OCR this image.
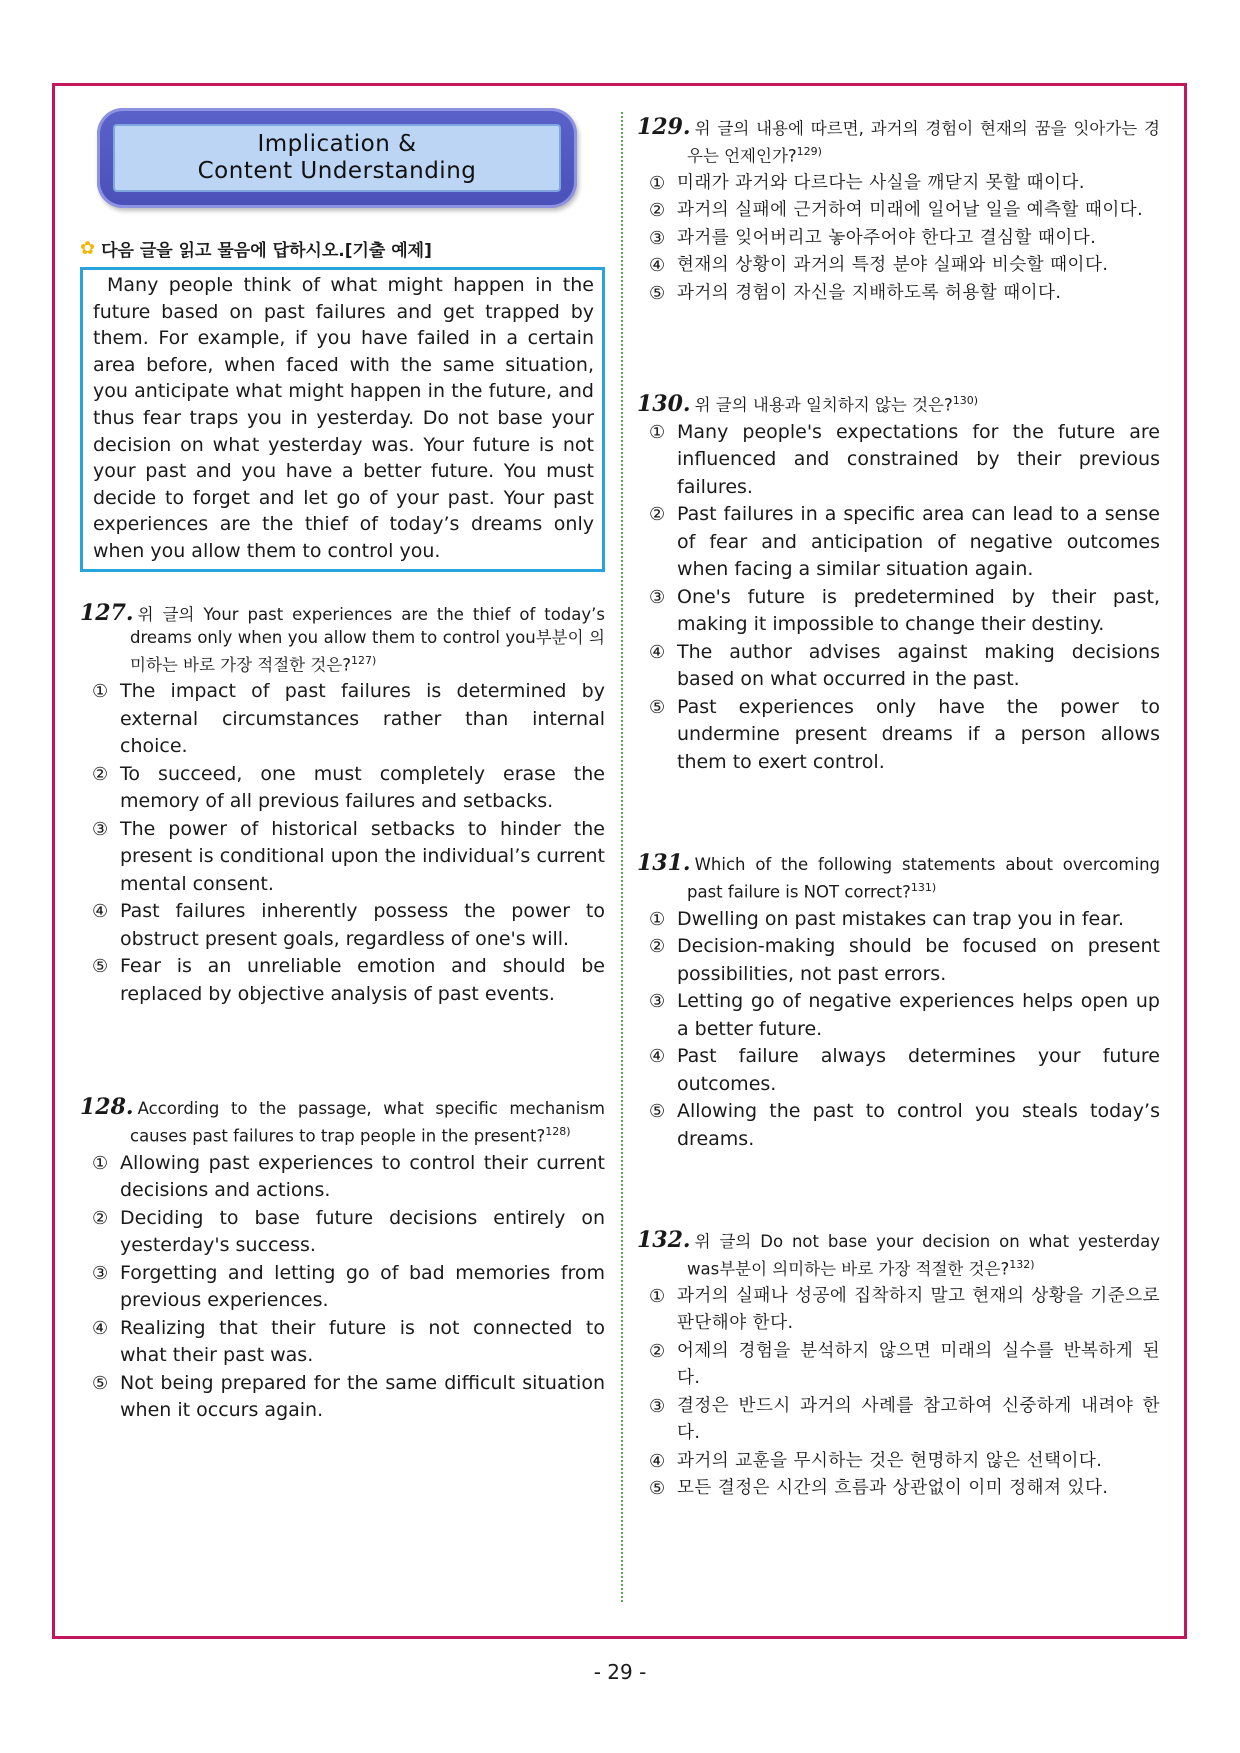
Implication &
Content Understanding
✿ 다음 글을 읽고 물음에 답하시오.[기출 예제]
Many people think of what might happen in the future based on past failures and get trapped by them. For example, if you have failed in a certain area before, when faced with the same situation, you anticipate what might happen in the future, and thus fear traps you in yesterday. Do not base your decision on what yesterday was. Your future is not your past and you have a better future. You must decide to forget and let go of your past. Your past experiences are the thief of today’s dreams only when you allow them to control you.
127. 위 글의 Your past experiences are the thief of today’s dreams only when you allow them to control you부분이 의미하는 바로 가장 적절한 것은?$^{127)}$
① The impact of past failures is determined by external circumstances rather than internal choice.
② To succeed, one must completely erase the memory of all previous failures and setbacks.
③ The power of historical setbacks to hinder the present is conditional upon the individual’s current mental consent.
④ Past failures inherently possess the power to obstruct present goals, regardless of one's will.
⑤ Fear is an unreliable emotion and should be replaced by objective analysis of past events.
128. According to the passage, what specific mechanism causes past failures to trap people in the present?$^{128)}$
① Allowing past experiences to control their current decisions and actions.
② Deciding to base future decisions entirely on yesterday's success.
③ Forgetting and letting go of bad memories from previous experiences.
④ Realizing that their future is not connected to what their past was.
⑤ Not being prepared for the same difficult situation when it occurs again.
129. 위 글의 내용에 따르면, 과거의 경험이 현재의 꿈을 잇아가는 경우는 언제인가?$^{129)}$
① 미래가 과거와 다르다는 사실을 깨닫지 못할 때이다.
② 과거의 실패에 근거하여 미래에 일어날 일을 예측할 때이다.
③ 과거를 잊어버리고 놓아주어야 한다고 결심할 때이다.
④ 현재의 상황이 과거의 특정 분야 실패와 비슷할 때이다.
⑤ 과거의 경험이 자신을 지배하도록 허용할 때이다.
130. 위 글의 내용과 일치하지 않는 것은?$^{130)}$
① Many people's expectations for the future are influenced and constrained by their previous failures.
② Past failures in a specific area can lead to a sense of fear and anticipation of negative outcomes when facing a similar situation again.
③ One's future is predetermined by their past, making it impossible to change their destiny.
④ The author advises against making decisions based on what occurred in the past.
⑤ Past experiences only have the power to undermine present dreams if a person allows them to exert control.
131. Which of the following statements about overcoming past failure is NOT correct?$^{131)}$
① Dwelling on past mistakes can trap you in fear.
② Decision-making should be focused on present possibilities, not past errors.
③ Letting go of negative experiences helps open up a better future.
④ Past failure always determines your future outcomes.
⑤ Allowing the past to control you steals today’s dreams.
132. 위 글의 Do not base your decision on what yesterday was부분이 의미하는 바로 가장 적절한 것은?$^{132)}$
① 과거의 실패나 성공에 집착하지 말고 현재의 상황을 기준으로 판단해야 한다.
② 어제의 경험을 분석하지 않으면 미래의 실수를 반복하게 된다.
③ 결정은 반드시 과거의 사례를 참고하여 신중하게 내려야 한다.
④ 과거의 교훈을 무시하는 것은 현명하지 않은 선택이다.
⑤ 모든 결정은 시간의 흐름과 상관없이 이미 정해져 있다.
- 29 -
